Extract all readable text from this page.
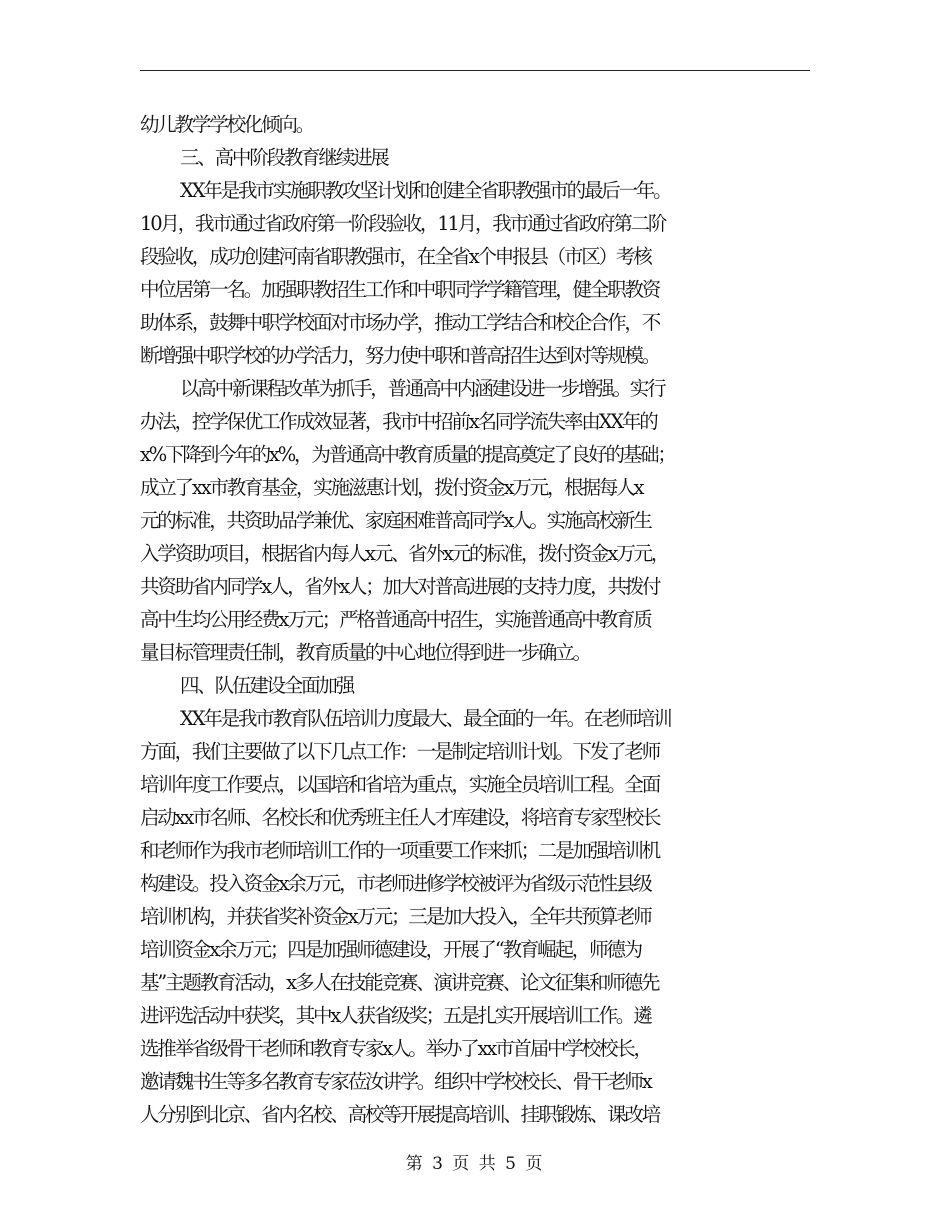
幼儿教学学校化倾向。
三、高中阶段教育继续进展
XX年是我市实施职教攻坚计划和创建全省职教强市的最后一年。
10月，我市通过省政府第一阶段验收，11月，我市通过省政府第二阶
段验收，成功创建河南省职教强市，在全省x个申报县（市区）考核
中位居第一名。加强职教招生工作和中职同学学籍管理，健全职教资
助体系，鼓舞中职学校面对市场办学，推动工学结合和校企合作，不
断增强中职学校的办学活力，努力使中职和普高招生达到对等规模。
以高中新课程改革为抓手，普通高中内涵建设进一步增强。实行
办法，控学保优工作成效显著，我市中招前x名同学流失率由XX年的
x%下降到今年的x%，为普通高中教育质量的提高奠定了良好的基础；
成立了xx市教育基金，实施滋惠计划，拨付资金x万元，根据每人x
元的标准，共资助品学兼优、家庭困难普高同学x人。实施高校新生
入学资助项目，根据省内每人x元、省外x元的标准，拨付资金x万元，
共资助省内同学x人，省外x人；加大对普高进展的支持力度，共拨付
高中生均公用经费x万元；严格普通高中招生，实施普通高中教育质
量目标管理责任制，教育质量的中心地位得到进一步确立。
四、队伍建设全面加强
XX年是我市教育队伍培训力度最大、最全面的一年。在老师培训
方面，我们主要做了以下几点工作：一是制定培训计划。下发了老师
培训年度工作要点，以国培和省培为重点，实施全员培训工程。全面
启动xx市名师、名校长和优秀班主任人才库建设，将培育专家型校长
和老师作为我市老师培训工作的一项重要工作来抓；二是加强培训机
构建设。投入资金x余万元，市老师进修学校被评为省级示范性县级
培训机构，并获省奖补资金x万元；三是加大投入，全年共预算老师
培训资金x余万元；四是加强师德建设，开展了“教育崛起，师德为
基”主题教育活动，x多人在技能竞赛、演讲竞赛、论文征集和师德先
进评选活动中获奖，其中x人获省级奖；五是扎实开展培训工作。遴
选推举省级骨干老师和教育专家x人。举办了xx市首届中学校校长，
邀请魏书生等多名教育专家莅汝讲学。组织中学校校长、骨干老师x
人分别到北京、省内名校、高校等开展提高培训、挂职锻炼、课改培
第 3 页 共 5 页
